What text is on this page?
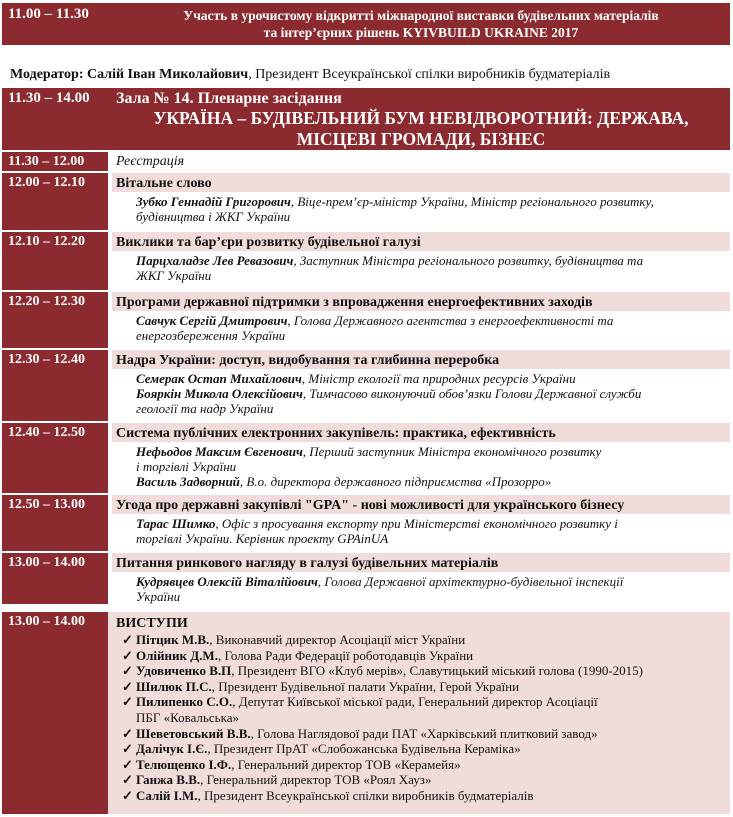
11.00 – 11.30	Участь в урочистому відкритті міжнародної виставки будівельних матеріалів
та інтер’єрних рішень KYIVBUILD UKRAINE 2017
Модератор: Салій Іван Миколайович, Президент Всеукраїнської спілки виробників будматеріалів
11.30 – 14.00	Зала № 14. Пленарне засідання
УКРАЇНА – БУДІВЕЛЬНИЙ БУМ НЕВІДВОРОТНИЙ: ДЕРЖАВА,
МІСЦЕВІ ГРОМАДИ, БІЗНЕС
11.30 – 12.00	Реєстрація
12.00 – 12.10	Вітальне слово
Зубко Геннадій Григорович, Віце-прем’єр-міністр України, Міністр регіонального розвитку,
будівництва і ЖКГ України
12.10 – 12.20	Виклики та бар’єри розвитку будівельної галузі
Парцхаладзе Лев Ревазович, Заступник Міністра регіонального розвитку, будівництва та
ЖКГ України
12.20 – 12.30	Програми державної підтримки з впровадження енергоефективних заходів
Савчук Сергій Дмитрович, Голова Державного агентства з енергоефективності та
енергозбереження України
12.30 – 12.40	Надра України: доступ, видобування та глибинна переробка
Семерак Остап Михайлович, Міністр екології та природних ресурсів України
Бояркін Микола Олексійович, Тимчасово виконуючий обов’язки Голови Державної служби
геології та надр України
12.40 – 12.50	Система публічних електронних закупівель: практика, ефективність
Нефьодов Максим Євгенович, Перший заступник Міністра економічного розвитку
і торгівлі України
Василь Задворний, В.о. директора державного підприємства «Прозорро»
12.50 – 13.00	Угода про державні закупівлі "GPA" - нові можливості для українського бізнесу
Тарас Шимко, Офіс з просування експорту при Міністерстві економічного розвитку і
торгівлі України. Керівник проекту GPAinUA
13.00 – 14.00	Питання ринкового нагляду в галузі будівельних матеріалів
Кудрявцев Олексій Віталійович, Голова Державної архітектурно-будівельної інспекції
України
13.00 – 14.00	ВИСТУПИ
✓ Пітцик М.В., Виконавчий директор Асоціації міст України
✓ Олійник Д.М., Голова Ради Федерації роботодавців України
✓ Удовиченко В.П, Президент ВГО «Клуб мерів», Славутицький міський голова (1990-2015)
✓ Шилюк П.С., Президент Будівельної палати України, Герой України
✓ Пилипенко С.О., Депутат Київської міської ради, Генеральний директор Асоціації
ПБГ «Ковальська»
✓ Шеветовський В.В., Голова Наглядової ради ПАТ «Харківський плитковий завод»
✓ Далічук І.Є., Президент ПрАТ «Слобожанська Будівельна Кераміка»
✓ Телющенко І.Ф., Генеральний директор ТОВ «Керамейя»
✓ Ганжа В.В., Генеральний директор ТОВ «Роял Хауз»
✓ Салій І.М., Президент Всеукраїнської спілки виробників будматеріалів
